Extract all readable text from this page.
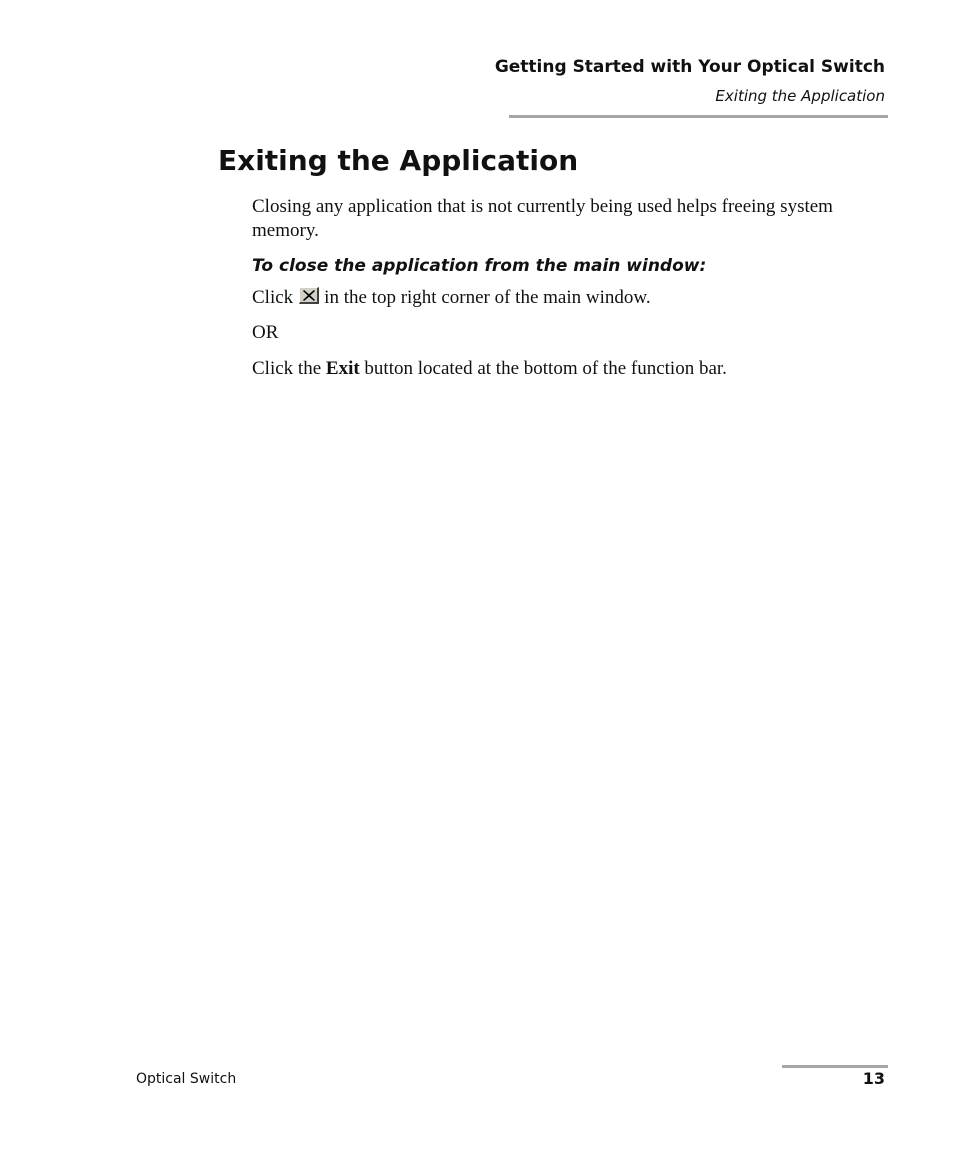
Getting Started with Your Optical Switch
Exiting the Application
Exiting the Application
Closing any application that is not currently being used helps freeing system memory.
To close the application from the main window:
Click in the top right corner of the main window.
OR
Click the Exit button located at the bottom of the function bar.
Optical Switch	13
